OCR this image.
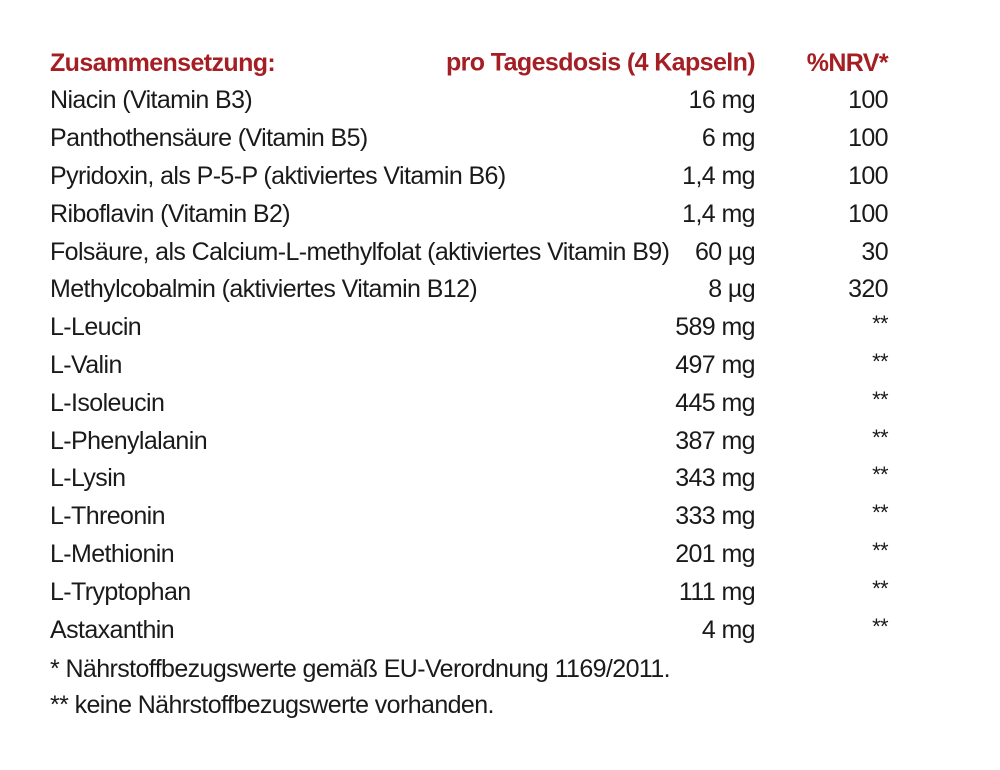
Zusammensetzung:	pro Tagesdosis (4 Kapseln)	%NRV*
Niacin (Vitamin B3)	16 mg	100
Panthothensäure (Vitamin B5)	6 mg	100
Pyridoxin, als P-5-P (aktiviertes Vitamin B6)	1,4 mg	100
Riboflavin (Vitamin B2)	1,4 mg	100
Folsäure, als Calcium-L-methylfolat (aktiviertes Vitamin B9)	60 µg	30
Methylcobalmin (aktiviertes Vitamin B12)	8 µg	320
L-Leucin	589 mg	**
L-Valin	497 mg	**
L-Isoleucin	445 mg	**
L-Phenylalanin	387 mg	**
L-Lysin	343 mg	**
L-Threonin	333 mg	**
L-Methionin	201 mg	**
L-Tryptophan	111 mg	**
Astaxanthin	4 mg	**
* Nährstoffbezugswerte gemäß EU-Verordnung 1169/2011.
** keine Nährstoffbezugswerte vorhanden.
